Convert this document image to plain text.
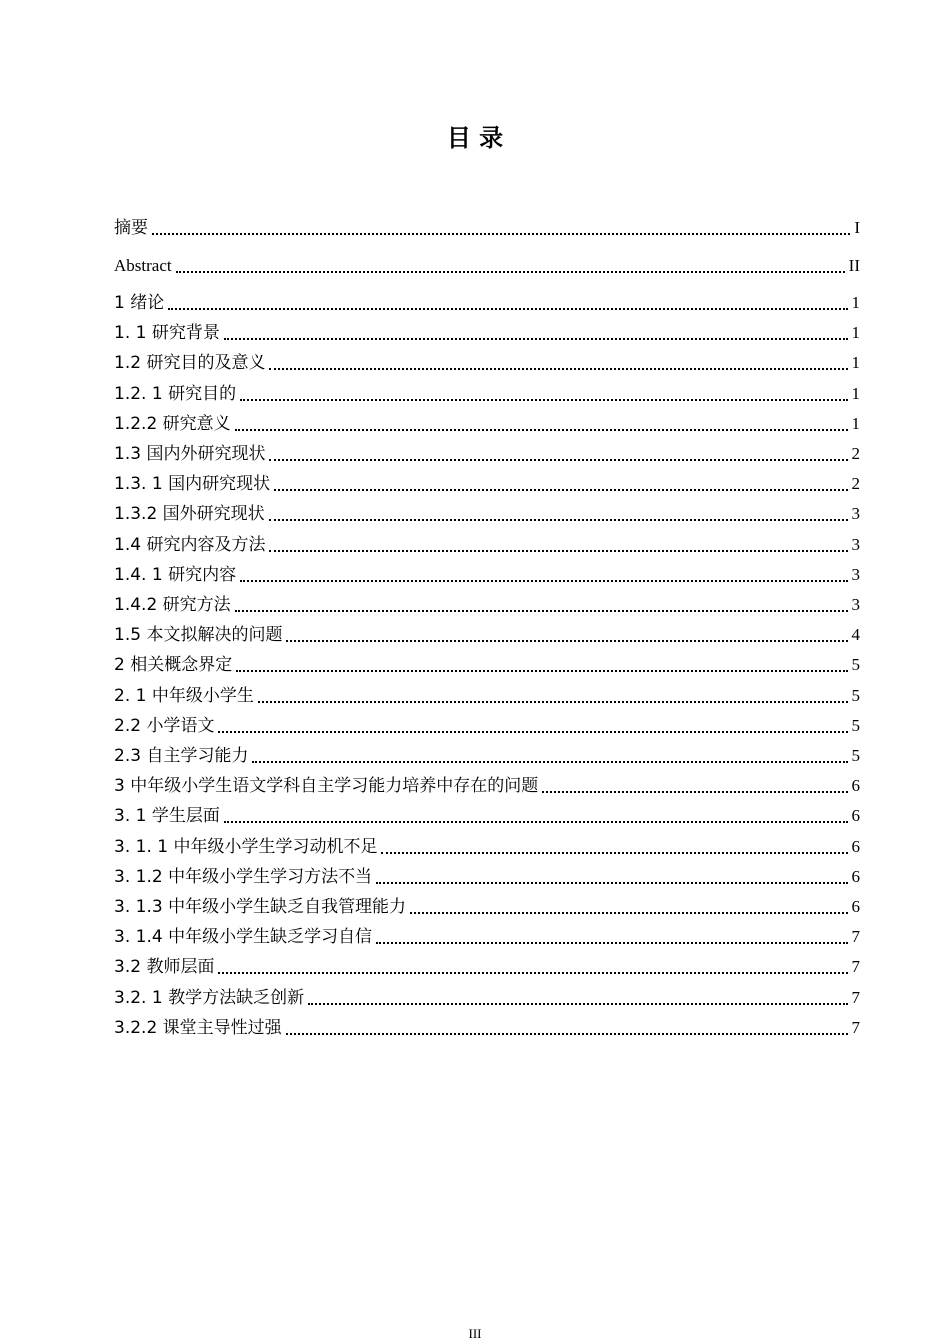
目 录
摘要	I
Abstract	II
1 绪论	1
1. 1 研究背景	1
1.2 研究目的及意义	1
1.2. 1 研究目的	1
1.2.2 研究意义	1
1.3 国内外研究现状	2
1.3. 1 国内研究现状	2
1.3.2 国外研究现状	3
1.4 研究内容及方法	3
1.4. 1 研究内容	3
1.4.2 研究方法	3
1.5 本文拟解决的问题	4
2 相关概念界定	5
2. 1 中年级小学生	5
2.2 小学语文	5
2.3 自主学习能力	5
3 中年级小学生语文学科自主学习能力培养中存在的问题	6
3. 1 学生层面	6
3. 1. 1 中年级小学生学习动机不足	6
3. 1.2 中年级小学生学习方法不当	6
3. 1.3 中年级小学生缺乏自我管理能力	6
3. 1.4 中年级小学生缺乏学习自信	7
3.2 教师层面	7
3.2. 1 教学方法缺乏创新	7
3.2.2 课堂主导性过强	7
III
